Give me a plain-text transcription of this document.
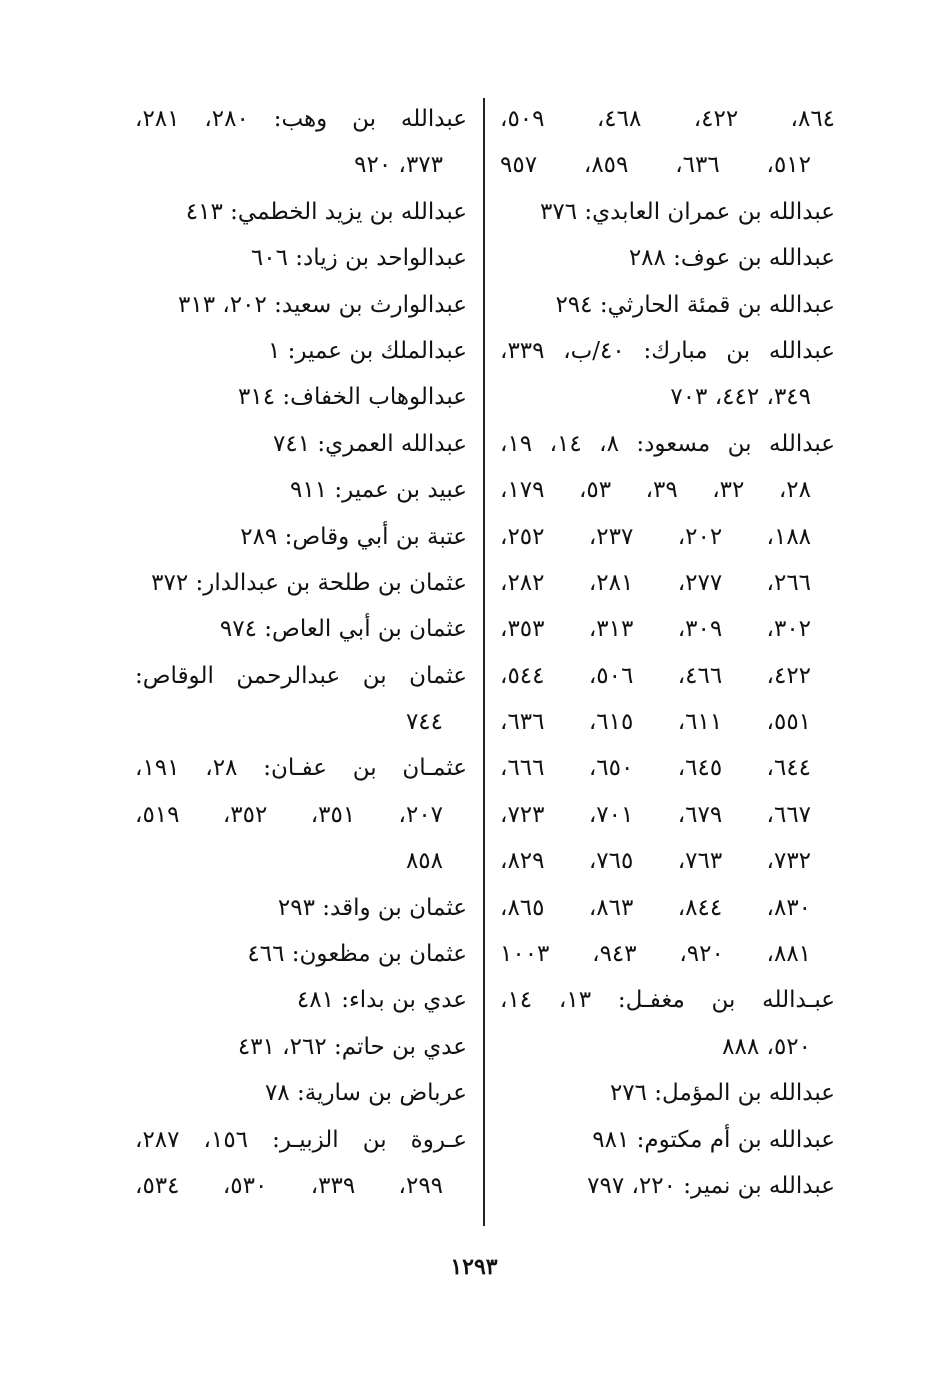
٨٦٤، ٤٢٢، ٤٦٨، ٥٠٩،
٥١٢، ٦٣٦، ٨٥٩، ٩٥٧
عبدالله بن عمران العابدي: ٣٧٦
عبدالله بن عوف: ٢٨٨
عبدالله بن قمئة الحارثي: ٢٩٤
عبدالله بن مبارك: ٤٠/ب، ٣٣٩،
٣٤٩، ٤٤٢، ٧٠٣
عبدالله بن مسعود: ٨، ١٤، ١٩،
٢٨، ٣٢، ٣٩، ٥٣، ١٧٩،
١٨٨، ٢٠٢، ٢٣٧، ٢٥٢،
٢٦٦، ٢٧٧، ٢٨١، ٢٨٢،
٣٠٢، ٣٠٩، ٣١٣، ٣٥٣،
٤٢٢، ٤٦٦، ٥٠٦، ٥٤٤،
٥٥١، ٦١١، ٦١٥، ٦٣٦،
٦٤٤، ٦٤٥، ٦٥٠، ٦٦٦،
٦٦٧، ٦٧٩، ٧٠١، ٧٢٣،
٧٣٢، ٧٦٣، ٧٦٥، ٨٢٩،
٨٣٠، ٨٤٤، ٨٦٣، ٨٦٥،
٨٨١، ٩٢٠، ٩٤٣، ١٠٠٣
عبـدالله بن مغفـل: ١٣، ١٤،
٥٢٠، ٨٨٨
عبدالله بن المؤمل: ٢٧٦
عبدالله بن أم مكتوم: ٩٨١
عبدالله بن نمير: ٢٢٠، ٧٩٧
عبدالله بن وهب: ٢٨٠، ٢٨١،
٣٧٣، ٩٢٠
عبدالله بن يزيد الخطمي: ٤١٣
عبدالواحد بن زياد: ٦٠٦
عبدالوارث بن سعيد: ٢٠٢، ٣١٣
عبدالملك بن عمير: ١
عبدالوهاب الخفاف: ٣١٤
عبدالله العمري: ٧٤١
عبيد بن عمير: ٩١١
عتبة بن أبي وقاص: ٢٨٩
عثمان بن طلحة بن عبدالدار: ٣٧٢
عثمان بن أبي العاص: ٩٧٤
عثمان بن عبدالرحمن الوقاص:
٧٤٤
عثمـان بن عفـان: ٢٨، ١٩١،
٢٠٧، ٣٥١، ٣٥٢، ٥١٩،
٨٥٨
عثمان بن واقد: ٢٩٣
عثمان بن مظعون: ٤٦٦
عدي بن بداء: ٤٨١
عدي بن حاتم: ٢٦٢، ٤٣١
عرباض بن سارية: ٧٨
عـروة بن الزبيـر: ١٥٦، ٢٨٧،
٢٩٩، ٣٣٩، ٥٣٠، ٥٣٤،
١٢٩٣
